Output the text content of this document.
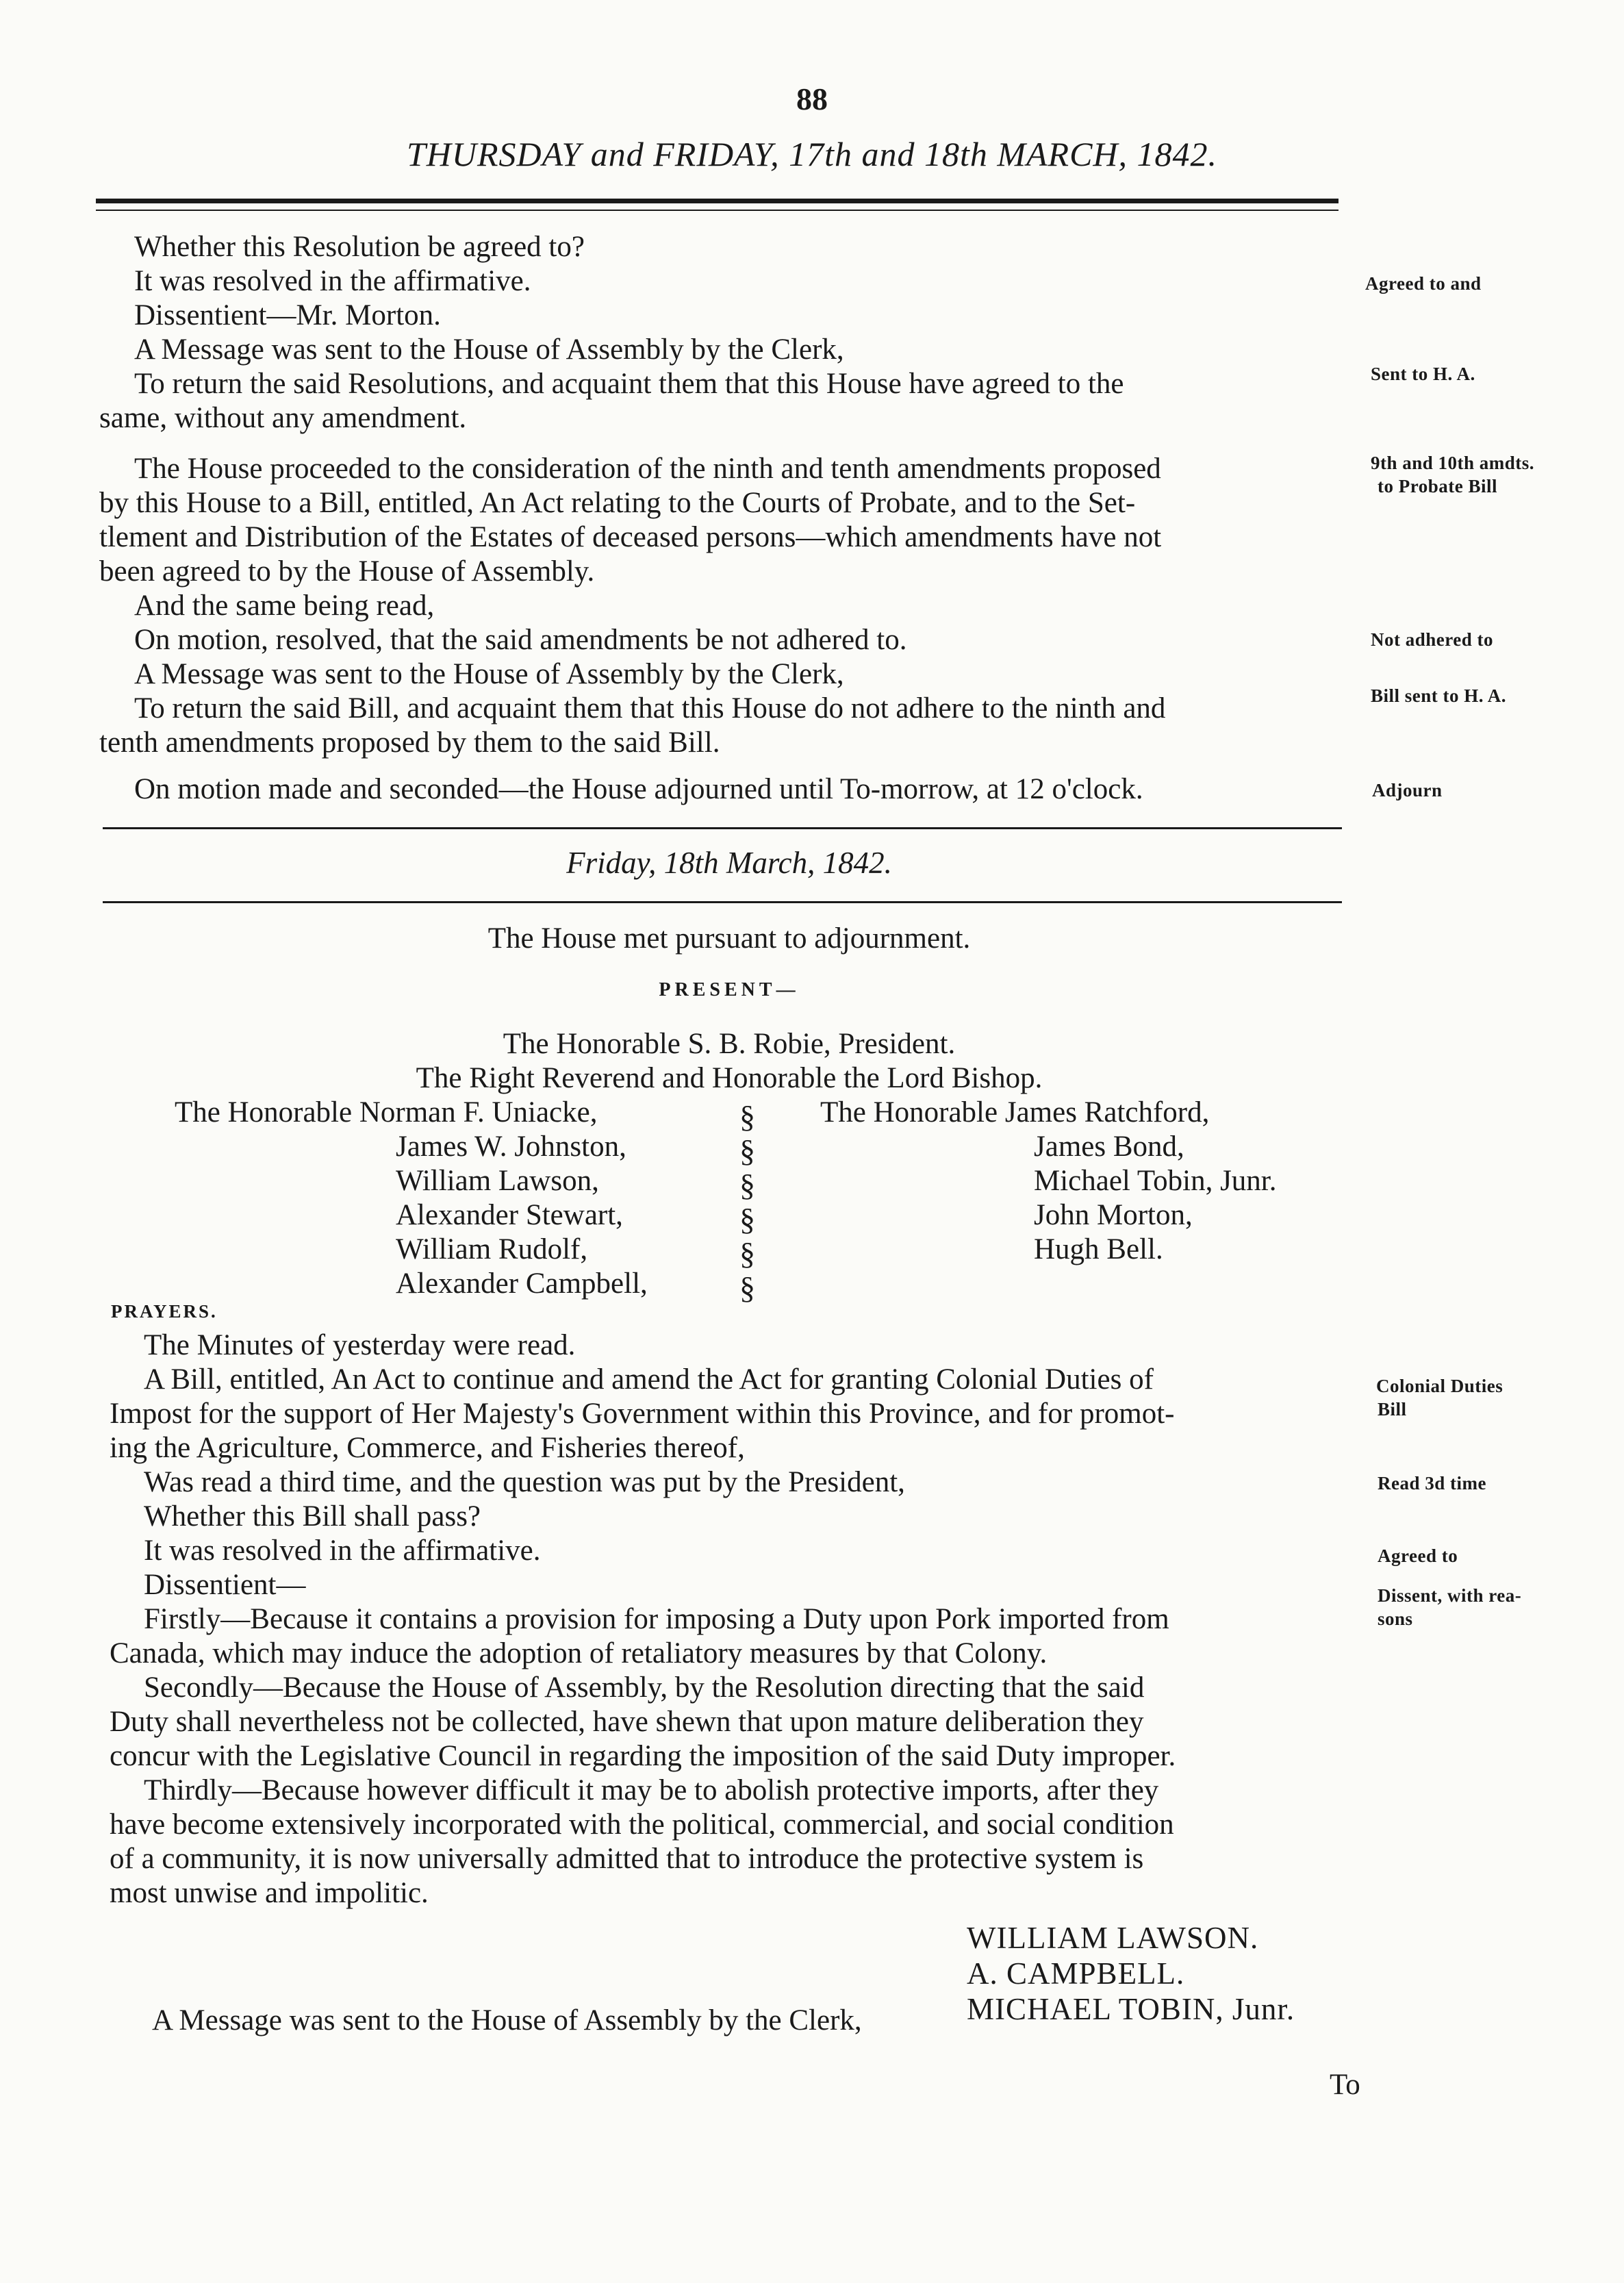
88
THURSDAY and FRIDAY, 17th and 18th MARCH, 1842.
Whether this Resolution be agreed to?
It was resolved in the affirmative.
Dissentient—Mr. Morton.
A Message was sent to the House of Assembly by the Clerk,
To return the said Resolutions, and acquaint them that this House have agreed to the
same, without any amendment.
Agreed to and
Sent to H. A.
The House proceeded to the consideration of the ninth and tenth amendments proposed
by this House to a Bill, entitled, An Act relating to the Courts of Probate, and to the Set-
tlement and Distribution of the Estates of deceased persons—which amendments have not
been agreed to by the House of Assembly.
And the same being read,
On motion, resolved, that the said amendments be not adhered to.
A Message was sent to the House of Assembly by the Clerk,
To return the said Bill, and acquaint them that this House do not adhere to the ninth and
tenth amendments proposed by them to the said Bill.
On motion made and seconded—the House adjourned until To-morrow, at 12 o'clock.
9th and 10th amdts.
to Probate Bill
Not adhered to
Bill sent to H. A.
Adjourn
Friday, 18th March, 1842.
The House met pursuant to adjournment.
PRESENT—
The Honorable S. B. Robie, President.
The Right Reverend and Honorable the Lord Bishop.
The Honorable Norman F. Uniacke,
James W. Johnston,
William Lawson,
Alexander Stewart,
William Rudolf,
Alexander Campbell,
§
§
§
§
§
§
The Honorable James Ratchford,
James Bond,
Michael Tobin, Junr.
John Morton,
Hugh Bell.
PRAYERS.
The Minutes of yesterday were read.
A Bill, entitled, An Act to continue and amend the Act for granting Colonial Duties of
Impost for the support of Her Majesty's Government within this Province, and for promot-
ing the Agriculture, Commerce, and Fisheries thereof,
Was read a third time, and the question was put by the President,
Whether this Bill shall pass?
It was resolved in the affirmative.
Dissentient—
Firstly—Because it contains a provision for imposing a Duty upon Pork imported from
Canada, which may induce the adoption of retaliatory measures by that Colony.
Secondly—Because the House of Assembly, by the Resolution directing that the said
Duty shall nevertheless not be collected, have shewn that upon mature deliberation they
concur with the Legislative Council in regarding the imposition of the said Duty improper.
Thirdly—Because however difficult it may be to abolish protective imports, after they
have become extensively incorporated with the political, commercial, and social condition
of a community, it is now universally admitted that to introduce the protective system is
most unwise and impolitic.
Colonial Duties
Bill
Read 3d time
Agreed to
Dissent, with rea-
sons
WILLIAM LAWSON.
A. CAMPBELL.
MICHAEL TOBIN, Junr.
A Message was sent to the House of Assembly by the Clerk,
To
